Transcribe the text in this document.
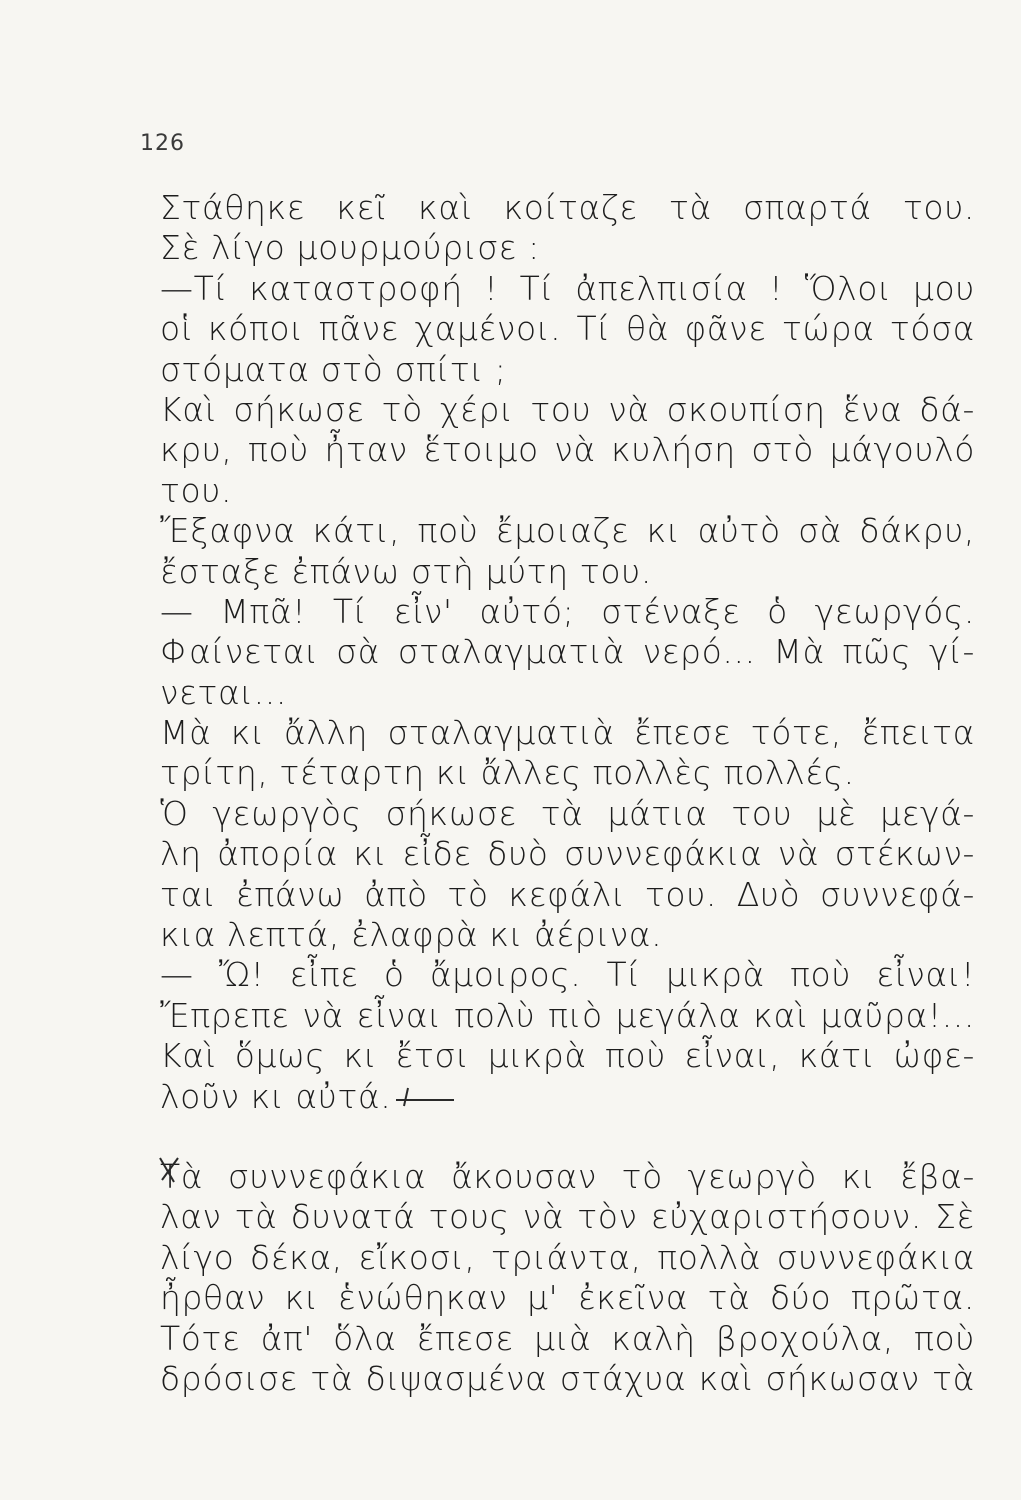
126
Στάθηκε κεῖ καὶ κοίταζε τὰ σπαρτά του.
Σὲ λίγο μουρμούρισε :
—Τί καταστροφή ! Τί ἀπελπισία ! Ὅλοι μου
οἱ κόποι πᾶνε χαμένοι. Τί θὰ φᾶνε τώρα τόσα
στόματα στὸ σπίτι ;
Καὶ σήκωσε τὸ χέρι του νὰ σκουπίση ἕνα δά-
κρυ, ποὺ ἦταν ἕτοιμο νὰ κυλήση στὸ μάγουλό
του.
Ἔξαφνα κάτι, ποὺ ἔμοιαζε κι αὐτὸ σὰ δάκρυ,
ἔσταξε ἐπάνω στὴ μύτη του.
— Μπᾶ! Τί εἶν' αὐτό; στέναξε ὁ γεωργός.
Φαίνεται σὰ σταλαγματιὰ νερό... Μὰ πῶς γί-
νεται...
Μὰ κι ἄλλη σταλαγματιὰ ἔπεσε τότε, ἔπειτα
τρίτη, τέταρτη κι ἄλλες πολλὲς πολλές.
Ὁ γεωργὸς σήκωσε τὰ μάτια του μὲ μεγά-
λη ἀπορία κι εἶδε δυὸ συννεφάκια νὰ στέκων-
ται ἐπάνω ἀπὸ τὸ κεφάλι του. Δυὸ συννεφά-
κια λεπτά, ἐλαφρὰ κι ἀέρινα.
— Ὤ! εἶπε ὁ ἄμοιρος. Τί μικρὰ ποὺ εἶναι!
Ἔπρεπε νὰ εἶναι πολὺ πιὸ μεγάλα καὶ μαῦρα!...
Καὶ ὅμως κι ἔτσι μικρὰ ποὺ εἶναι, κάτι ὠφε-
λοῦν κι αὐτά.
Τὰ συννεφάκια ἄκουσαν τὸ γεωργὸ κι ἔβα-
λαν τὰ δυνατά τους νὰ τὸν εὐχαριστήσουν. Σὲ
λίγο δέκα, εἴκοσι, τριάντα, πολλὰ συννεφάκια
ἦρθαν κι ἑνώθηκαν μ' ἐκεῖνα τὰ δύο πρῶτα.
Τότε ἀπ' ὅλα ἔπεσε μιὰ καλὴ βροχούλα, ποὺ
δρόσισε τὰ διψασμένα στάχυα καὶ σήκωσαν τὰ
